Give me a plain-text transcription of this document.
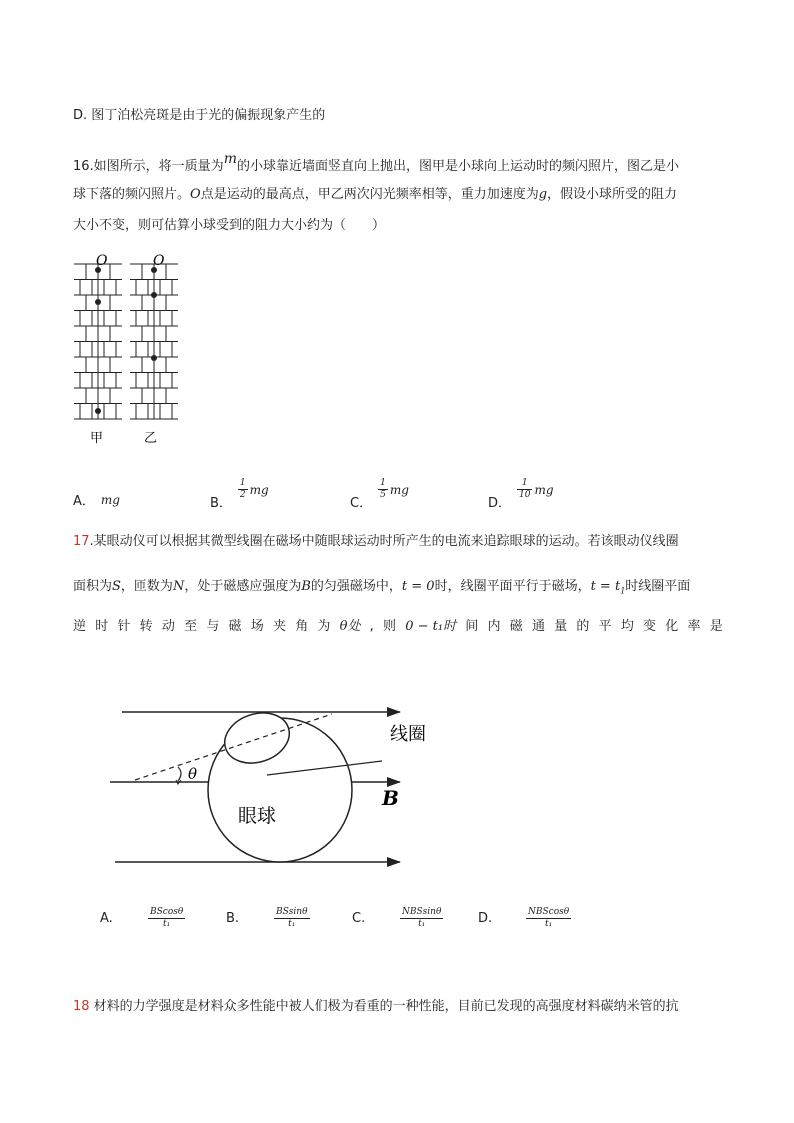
D. 图丁泊松亮斑是由于光的偏振现象产生的
16.如图所示，将一质量为m的小球靠近墙面竖直向上抛出，图甲是小球向上运动时的频闪照片，图乙是小
球下落的频闪照片。O点是运动的最高点，甲乙两次闪光频率相等，重力加速度为g，假设小球所受的阻力
大小不变，则可估算小球受到的阻力大小约为（　　）
O	O
甲	乙
A． mg	B．
$\frac{1}{2}$ mg
C．
$\frac{1}{5}$ mg
D．
$\frac{1}{10}$ mg
17.某眼动仪可以根据其微型线圈在磁场中随眼球运动时所产生的电流来追踪眼球的运动。若该眼动仪线圈
面积为S，匝数为N，处于磁感应强度为B的匀强磁场中，t = 0时，线圈平面平行于磁场，$t = t_1$时线圈平面
逆 时 针 转 动 至 与 磁 场 夹 角 为 θ处 , 则 0 − t₁时 间 内 磁 通 量 的 平 均 变 化 率 是
θ
线圈
眼球
B
A.	$\frac{BScos\theta}{\text{t₁}}$	B.	$\frac{BSsin\theta}{\text{t₁}}$	C.	$\frac{\text{NBSsinθ}}{\text{t₁}}$	D.	$\frac{\text{NBScosθ}}{\text{t₁}}$
18 材料的力学强度是材料众多性能中被人们极为看重的一种性能，目前已发现的高强度材料碳纳米管的抗
